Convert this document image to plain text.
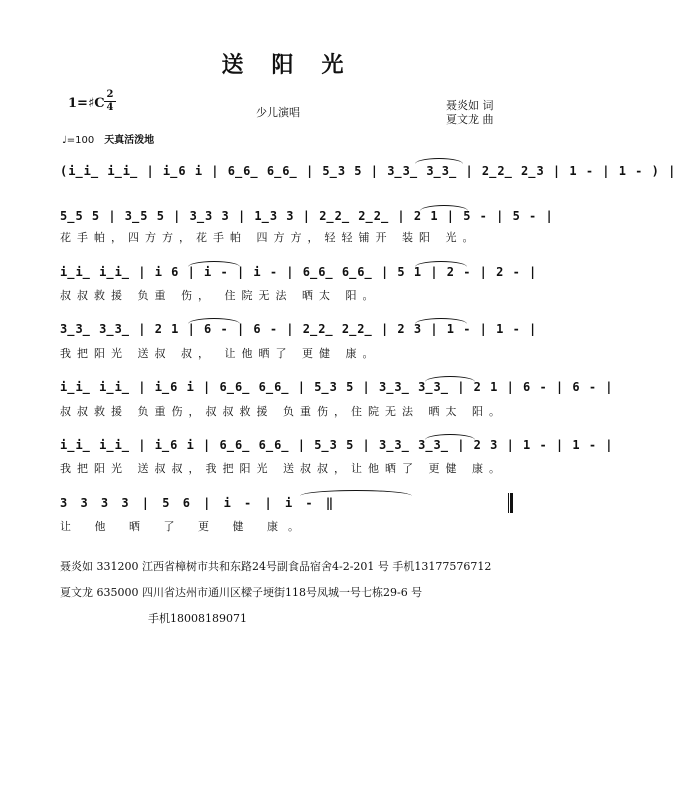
送阳光
1=♯C
2
4	少儿演唱
聂炎如 词
夏文龙 曲
♩=100 天真活泼地
(i̲i̲ i̲i̲ | i̲6 i | 6̲6̲ 6̲6̲ | 5̲3 5 | 3̲3̲ 3̲3̲ | 2̲2̲ 2̲3 | 1 - | 1 - ) |
5̲5 5 | 3̲5 5 | 3̲3 3 | 1̲3 3 | 2̲2̲ 2̲2̲ | 2 1 | 5 - | 5 - |
花手帕，四方方，花手帕 四方方，轻轻铺开 装阳 光。
i̲i̲ i̲i̲ | i 6 | i - | i - | 6̲6̲ 6̲6̲ | 5 1 | 2 - | 2 - |
叔叔救援 负重 伤， 住院无法 晒太 阳。
3̲3̲ 3̲3̲ | 2 1 | 6 - | 6 - | 2̲2̲ 2̲2̲ | 2 3 | 1 - | 1 - |
我把阳光 送叔 叔， 让他晒了 更健 康。
i̲i̲ i̲i̲ | i̲6 i | 6̲6̲ 6̲6̲ | 5̲3 5 | 3̲3̲ 3̲3̲ | 2 1 | 6 - | 6 - |
叔叔救援 负重伤，叔叔救援 负重伤，住院无法 晒太 阳。
i̲i̲ i̲i̲ | i̲6 i | 6̲6̲ 6̲6̲ | 5̲3 5 | 3̲3̲ 3̲3̲ | 2 3 | 1 - | 1 - |
我把阳光 送叔叔，我把阳光 送叔叔，让他晒了 更健 康。
3 3 3 3 | 5 6 | i - | i - ‖
让 他 晒 了 更 健 康。
聂炎如 331200 江西省樟树市共和东路24号副食品宿舍4-2-201 号 手机13177576712
夏文龙 635000 四川省达州市通川区樑子埂街118号凤城一号七栋29-6 号
手机18008189071
